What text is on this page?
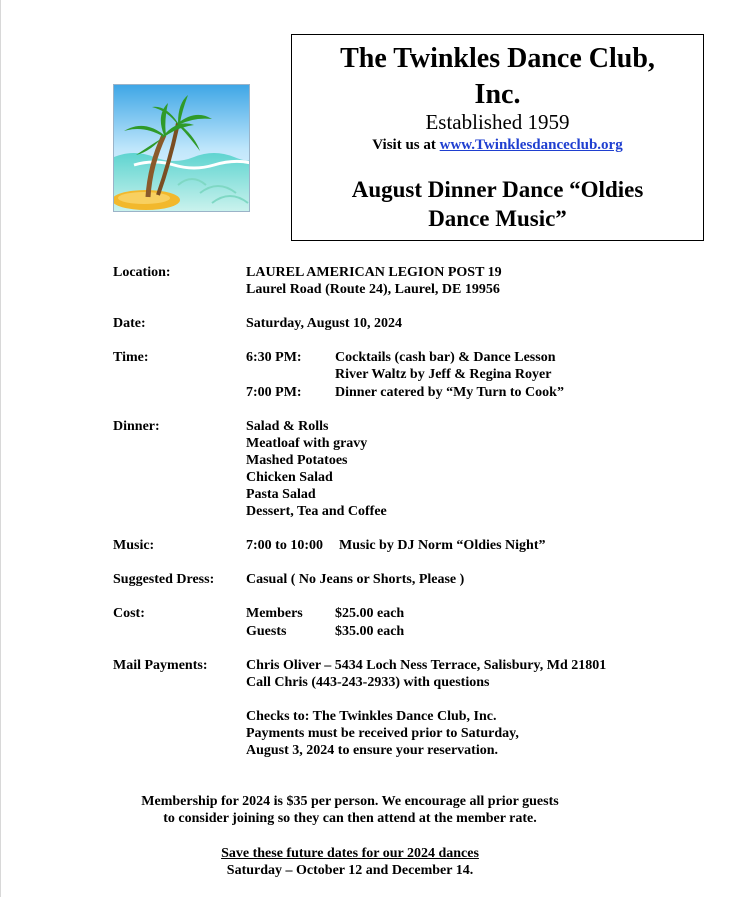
The Twinkles Dance Club, Inc.
Established 1959
Visit us at www.Twinklesdanceclub.org
August Dinner Dance “Oldies Dance Music”
Location:	LAUREL AMERICAN LEGION POST 19
Laurel Road (Route 24), Laurel, DE 19956
Date:	Saturday, August 10, 2024
Time:	6:30 PM: Cocktails (cash bar) & Dance Lesson
River Waltz by Jeff & Regina Royer
7:00 PM: Dinner catered by “My Turn to Cook”
Dinner:	Salad & Rolls
Meatloaf with gravy
Mashed Potatoes
Chicken Salad
Pasta Salad
Dessert, Tea and Coffee
Music:	7:00 to 10:00 Music by DJ Norm “Oldies Night”
Suggested Dress: Casual ( No Jeans or Shorts, Please )
Cost:	Members $25.00 each
Guests	$35.00 each
Mail Payments:	Chris Oliver – 5434 Loch Ness Terrace, Salisbury, Md 21801
Call Chris (443-243-2933) with questions
Checks to: The Twinkles Dance Club, Inc.
Payments must be received prior to Saturday,
August 3, 2024 to ensure your reservation.
Membership for 2024 is $35 per person. We encourage all prior guests
to consider joining so they can then attend at the member rate.
Save these future dates for our 2024 dances
Saturday – October 12 and December 14.
